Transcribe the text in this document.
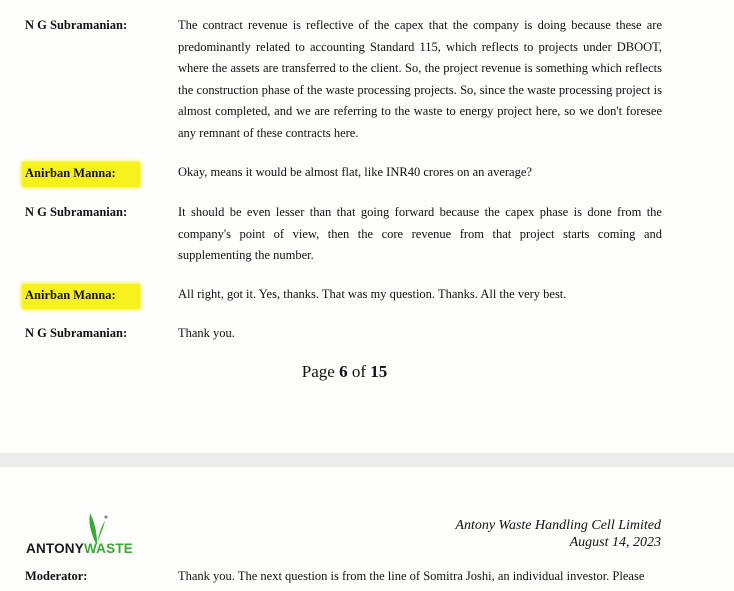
N G Subramanian:	The contract revenue is reflective of the capex that the company is doing because these are predominantly related to accounting Standard 115, which reflects to projects under DBOOT, where the assets are transferred to the client. So, the project revenue is something which reflects the construction phase of the waste processing projects. So, since the waste processing project is almost completed, and we are referring to the waste to energy project here, so we don't foresee any remnant of these contracts here.
Anirban Manna:	Okay, means it would be almost flat, like INR40 crores on an average?
N G Subramanian:	It should be even lesser than that going forward because the capex phase is done from the company's point of view, then the core revenue from that project starts coming and supplementing the number.
Anirban Manna:	All right, got it. Yes, thanks. That was my question. Thanks. All the very best.
N G Subramanian:	Thank you.
Page 6 of 15
ANTONYWASTE
Antony Waste Handling Cell Limited
August 14, 2023
Moderator:	Thank you. The next question is from the line of Somitra Joshi, an individual investor. Please
